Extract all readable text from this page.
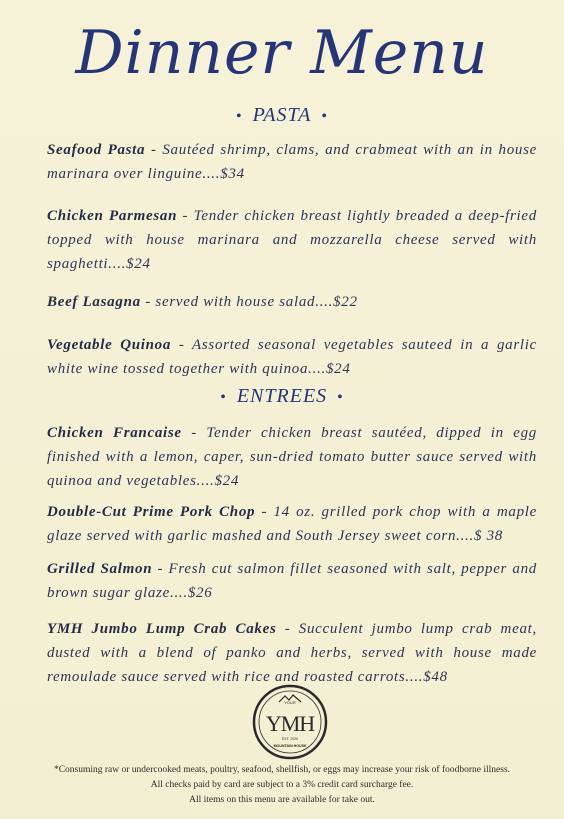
Dinner Menu
• PASTA •
Seafood Pasta - Sautéed shrimp, clams, and crabmeat with an in house marinara over linguine....$34
Chicken Parmesan - Tender chicken breast lightly breaded a deep-fried topped with house marinara and mozzarella cheese served with spaghetti....$24
Beef Lasagna - served with house salad....$22
Vegetable Quinoa - Assorted seasonal vegetables sauteed in a garlic white wine tossed together with quinoa....$24
• ENTREES •
Chicken Francaise - Tender chicken breast sautéed, dipped in egg finished with a lemon, caper, sun-dried tomato butter sauce served with quinoa and vegetables....$24
Double-Cut Prime Pork Chop - 14 oz. grilled pork chop with a maple glaze served with garlic mashed and South Jersey sweet corn....$ 38
Grilled Salmon - Fresh cut salmon fillet seasoned with salt, pepper and brown sugar glaze....$26
YMH Jumbo Lump Crab Cakes - Succulent jumbo lump crab meat, dusted with a blend of panko and herbs, served with house made remoulade sauce served with rice and roasted carrots....$48
YOUR
YMH
EST. 2020
MOUNTAIN HOUSE
*Consuming raw or undercooked meats, poultry, seafood, shellfish, or eggs may increase your risk of foodborne illness.
All checks paid by card are subject to a 3% credit card surcharge fee.
All items on this menu are available for take out.
